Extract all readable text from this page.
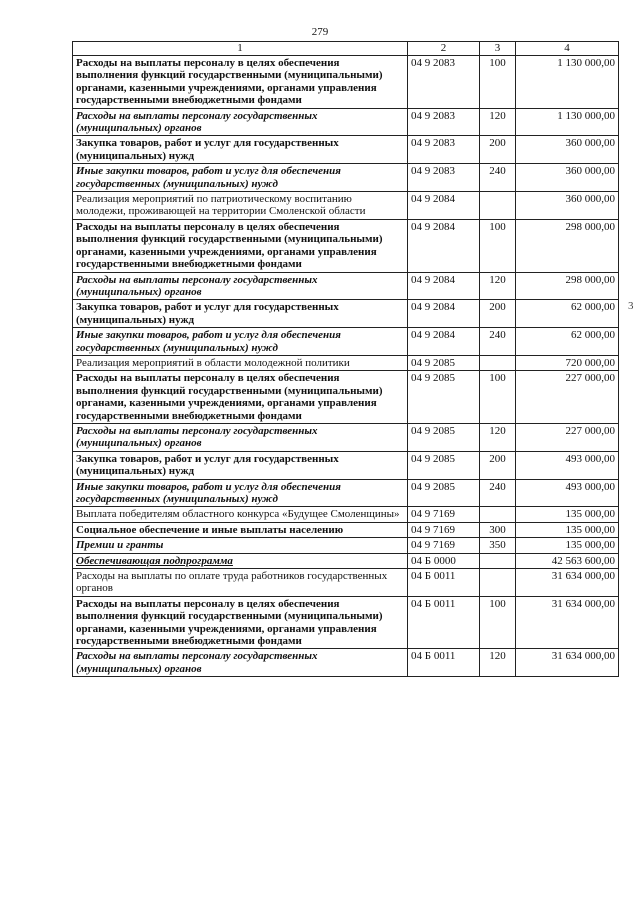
279
1	2	3	4
Расходы на выплаты персоналу в целях обеспечения выполнения функций государственными (муниципальными) органами, казенными учреждениями, органами управления государственными внебюджетными фондами	04 9 2083	100	1 130 000,00
Расходы на выплаты персоналу государственных (муниципальных) органов	04 9 2083	120	1 130 000,00
Закупка товаров, работ и услуг для государственных (муниципальных) нужд	04 9 2083	200	360 000,00
Иные закупки товаров, работ и услуг для обеспечения государственных (муниципальных) нужд	04 9 2083	240	360 000,00
Реализация мероприятий по патриотическому воспитанию молодежи, проживающей на территории Смоленской области	04 9 2084		360 000,00
Расходы на выплаты персоналу в целях обеспечения выполнения функций государственными (муниципальными) органами, казенными учреждениями, органами управления государственными внебюджетными фондами	04 9 2084	100	298 000,00
Расходы на выплаты персоналу государственных (муниципальных) органов	04 9 2084	120	298 000,00
Закупка товаров, работ и услуг для государственных (муниципальных) нужд	04 9 2084	200	62 000,00
Иные закупки товаров, работ и услуг для обеспечения государственных (муниципальных) нужд	04 9 2084	240	62 000,00
Реализация мероприятий в области молодежной политики	04 9 2085		720 000,00
Расходы на выплаты персоналу в целях обеспечения выполнения функций государственными (муниципальными) органами, казенными учреждениями, органами управления государственными внебюджетными фондами	04 9 2085	100	227 000,00
Расходы на выплаты персоналу государственных (муниципальных) органов	04 9 2085	120	227 000,00
Закупка товаров, работ и услуг для государственных (муниципальных) нужд	04 9 2085	200	493 000,00
Иные закупки товаров, работ и услуг для обеспечения государственных (муниципальных) нужд	04 9 2085	240	493 000,00
Выплата победителям областного конкурса «Будущее Смоленщины»	04 9 7169		135 000,00
Социальное обеспечение и иные выплаты населению	04 9 7169	300	135 000,00
Премии и гранты	04 9 7169	350	135 000,00
Обеспечивающая подпрограмма	04 Б 0000		42 563 600,00
Расходы на выплаты по оплате труда работников государственных органов	04 Б 0011		31 634 000,00
Расходы на выплаты персоналу в целях обеспечения выполнения функций государственными (муниципальными) органами, казенными учреждениями, органами управления государственными внебюджетными фондами	04 Б 0011	100	31 634 000,00
Расходы на выплаты персоналу государственных (муниципальных) органов	04 Б 0011	120	31 634 000,00
3
